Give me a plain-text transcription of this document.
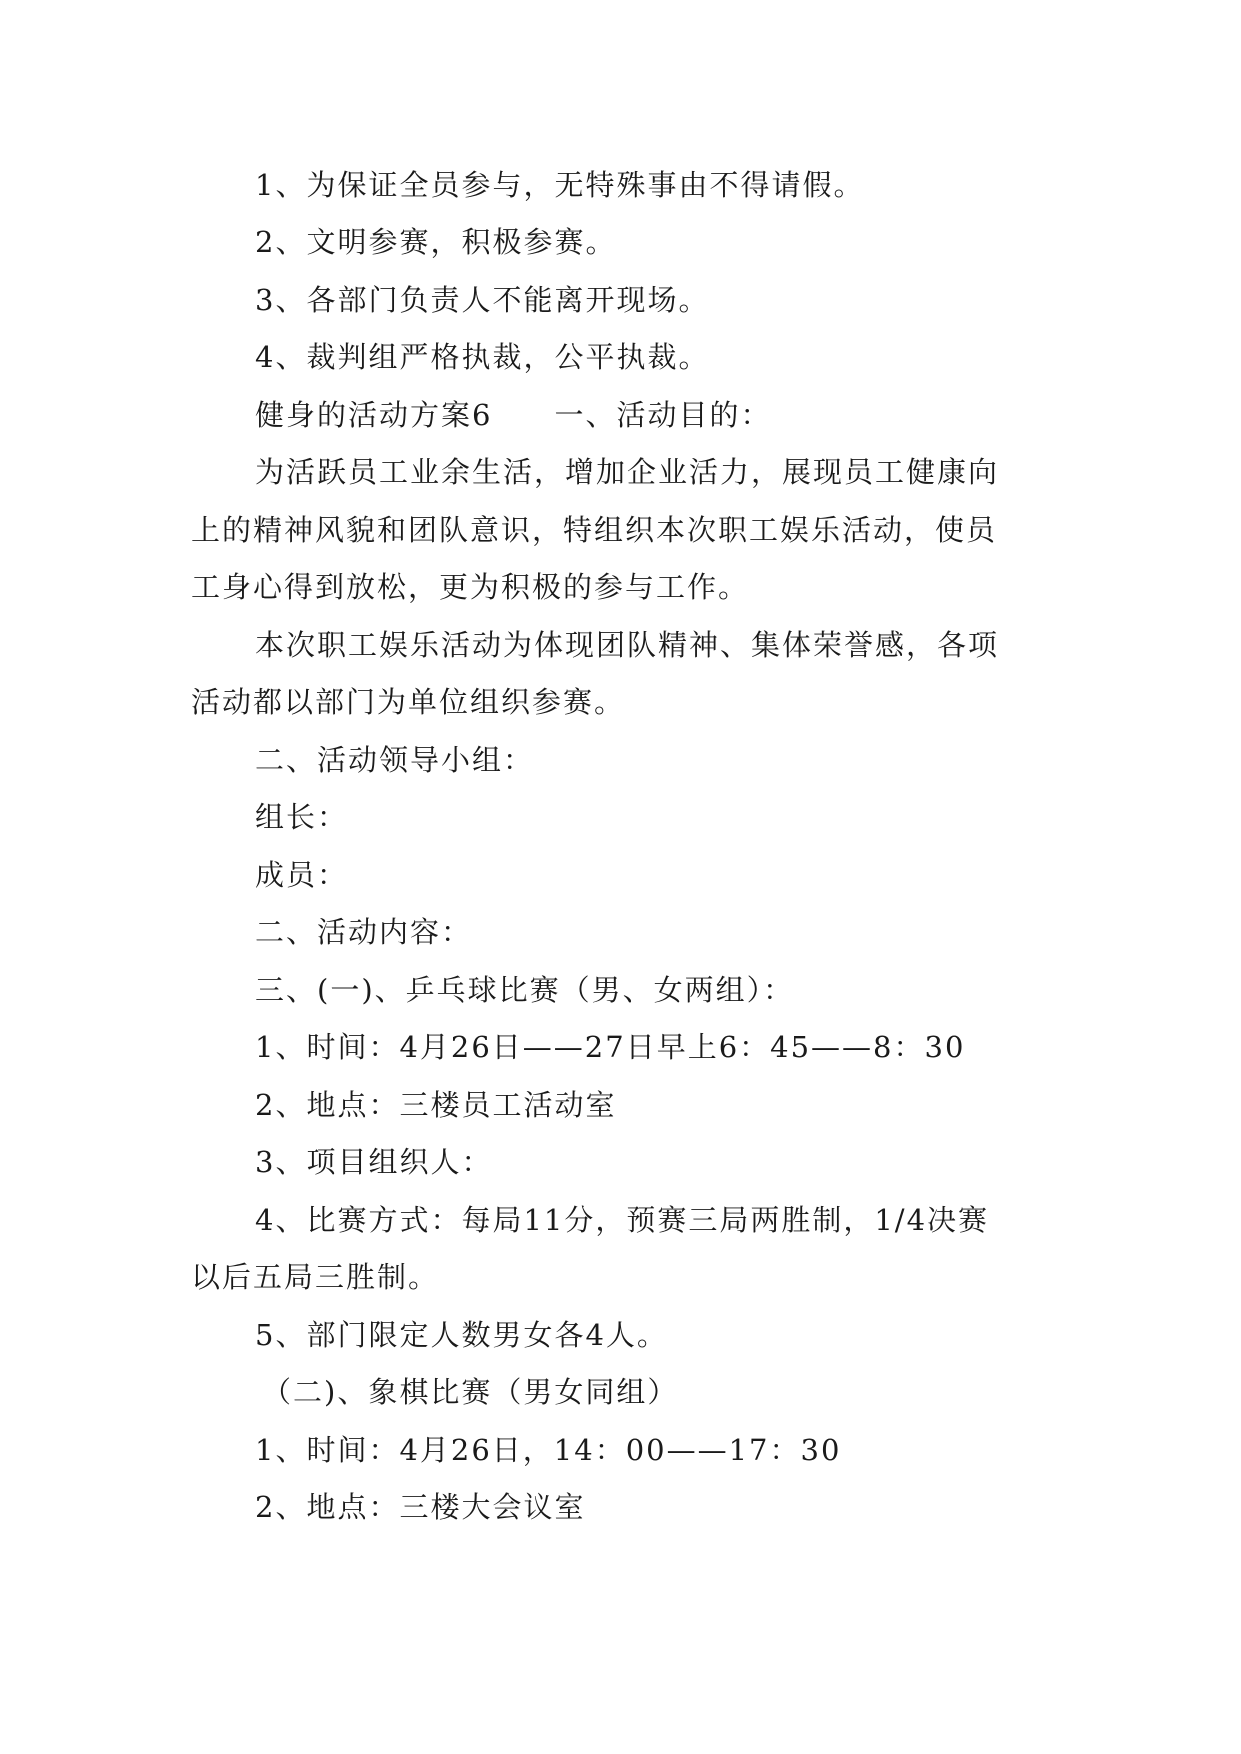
1、为保证全员参与，无特殊事由不得请假。
2、文明参赛，积极参赛。
3、各部门负责人不能离开现场。
4、裁判组严格执裁，公平执裁。
健身的活动方案6　　一、活动目的：
为活跃员工业余生活，增加企业活力，展现员工健康向
上的精神风貌和团队意识，特组织本次职工娱乐活动，使员
工身心得到放松，更为积极的参与工作。
本次职工娱乐活动为体现团队精神、集体荣誉感，各项
活动都以部门为单位组织参赛。
二、活动领导小组：
组长：
成员：
二、活动内容：
三、(一)、乒乓球比赛（男、女两组）：
1、时间：4月26日——27日早上6：45——8：30
2、地点：三楼员工活动室
3、项目组织人：
4、比赛方式：每局11分，预赛三局两胜制，1/4决赛
以后五局三胜制。
5、部门限定人数男女各4人。
（二)、象棋比赛（男女同组）
1、时间：4月26日，14：00——17：30
2、地点：三楼大会议室
